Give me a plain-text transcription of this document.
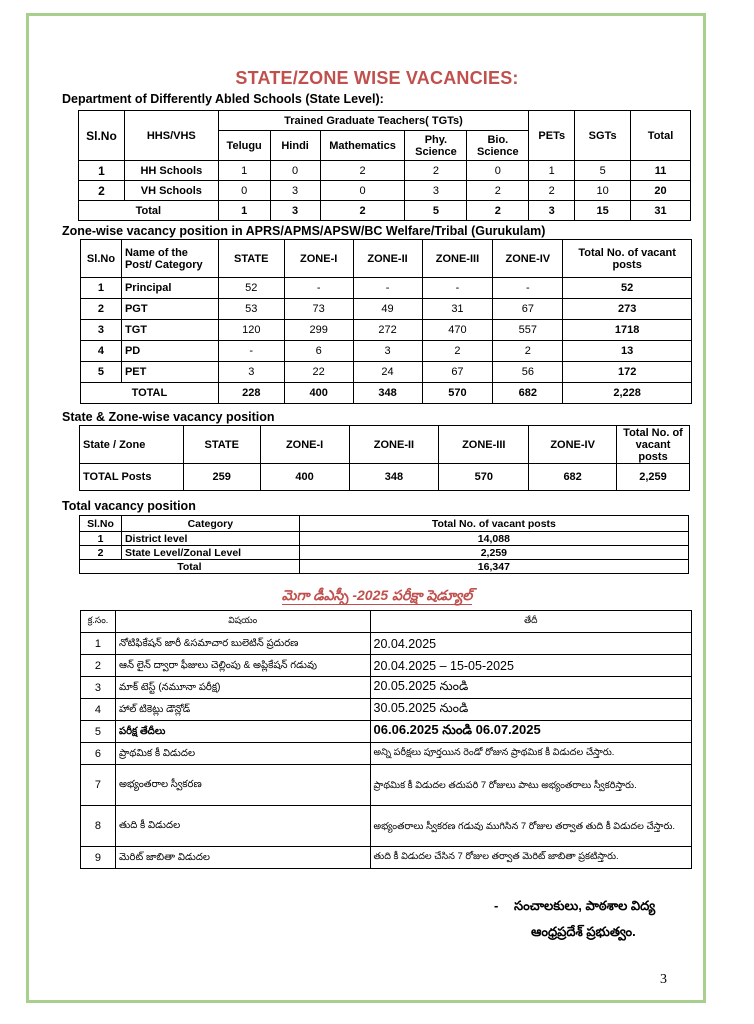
STATE/ZONE WISE VACANCIES:
Department of Differently Abled Schools (State Level):
Sl.No	HHS/VHS	Trained Graduate Teachers( TGTs)					PETs	SGTs	Total
		Telugu	Hindi	Mathematics	Phy. Science	Bio. Science			
1	HH Schools	1	0	2	2	0	1	5	11
2	VH Schools	0	3	0	3	2	2	10	20
Total		1	3	2	5	2	3	15	31
Zone-wise vacancy position in APRS/APMS/APSW/BC Welfare/Tribal (Gurukulam)
Sl.No	Name of the Post/ Category	STATE	ZONE-I	ZONE-II	ZONE-III	ZONE-IV	Total No. of vacant posts
1	Principal	52	-	-	-	-	52
2	PGT	53	73	49	31	67	273
3	TGT	120	299	272	470	557	1718
4	PD	-	6	3	2	2	13
5	PET	3	22	24	67	56	172
TOTAL		228	400	348	570	682	2,228
State & Zone-wise vacancy position
State / Zone	STATE	ZONE-I	ZONE-II	ZONE-III	ZONE-IV	Total No. of vacant posts
TOTAL Posts	259	400	348	570	682	2,259
Total vacancy position
Sl.No	Category	Total No. of vacant posts
1	District level	14,088
2	State Level/Zonal Level	2,259
Total		16,347
మెగా డీఎస్సీ -2025 పరీక్షా షెడ్యూల్
క్ర.సం.	విషయం	తేదీ
1	నోటిఫికేషన్ జారీ &సమాచార బులెటిన్ ప్రదురణ	20.04.2025
2	ఆన్ లైన్ ద్వారా ఫీజులు చెల్లింపు & అప్లికేషన్ గడువు	20.04.2025 – 15-05-2025
3	మాక్ టెస్ట్ (నమూనా పరీక్ష)	20.05.2025 నుండి
4	హాల్ టికెట్లు డౌన్లోడ్	30.05.2025 నుండి
5	పరీక్ష తేదీలు	06.06.2025 నుండి 06.07.2025
6	ప్రాథమిక కీ విడుదల	అన్ని పరీక్షలు పూర్తయిన రెండో రోజున ప్రాథమిక కీ విడుదల చేస్తారు.
7	అభ్యంతరాల స్వీకరణ	ప్రాథమిక కీ విడుదల తదుపరి 7 రోజులు పాటు అభ్యంతరాలు స్వీకరిస్తారు.
8	తుది కీ విడుదల	అభ్యంతరాలు స్వీకరణ గడువు ముగిసిన 7 రోజుల తర్వాత తుది కీ విడుదల చేస్తారు.
9	మెరిట్ జాబితా విడుదల	తుది కీ విడుదల చేసిన 7 రోజుల తర్వాత మెరిట్ జాబితా ప్రకటిస్తారు.
- సంచాలకులు, పాఠశాల విద్య
ఆంధ్రప్రదేశ్ ప్రభుత్వం.
3
